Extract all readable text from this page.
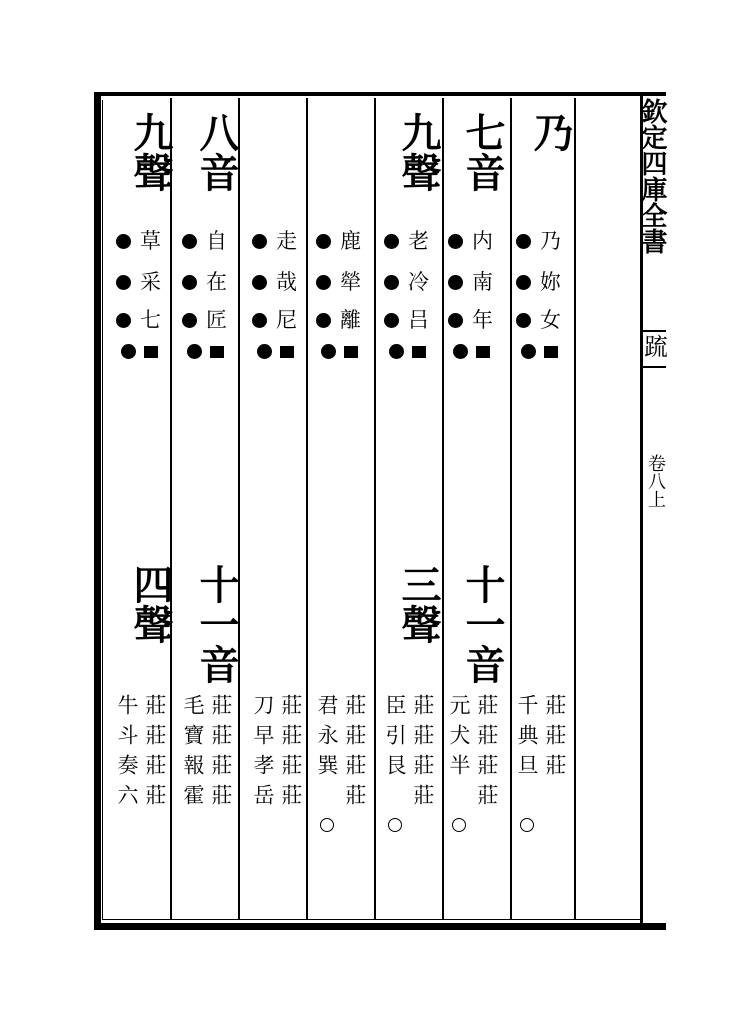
欽定四庫全書
䟽
卷八上
乃
乃
妳
女
莊莊莊
千典旦
七音
内
南
年
十一音
莊莊莊莊
元犬半
九聲
老
冷
吕
三聲
莊莊莊莊
臣引艮
鹿
犖
離
莊莊莊莊
君永巽
走
哉
尼
莊莊莊莊
刀早孝岳
八音
自
在
匠
十一音
莊莊莊莊
毛寶報霍
九聲
草
采
七
四聲
莊莊莊莊
牛斗奏六
